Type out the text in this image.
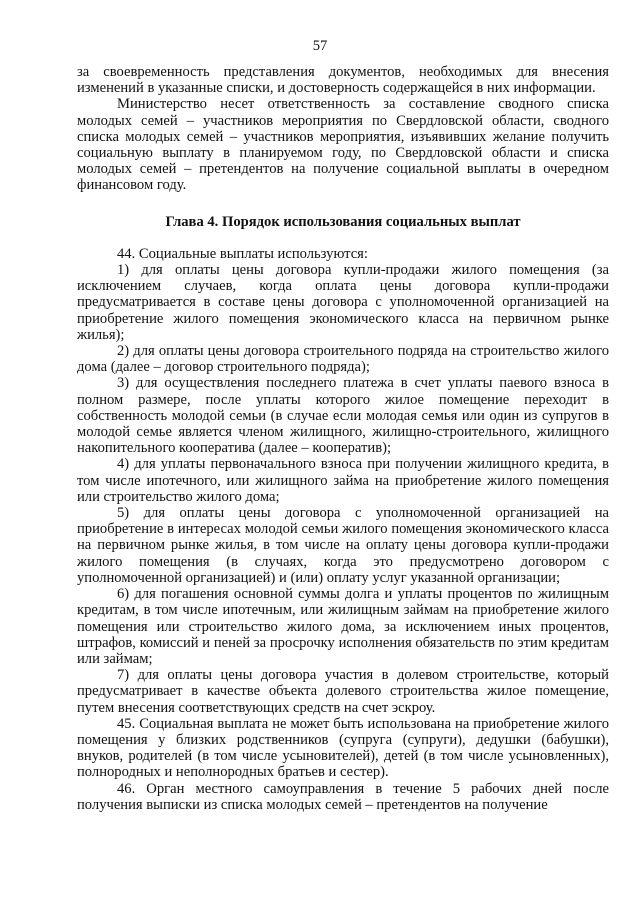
57

за своевременность представления документов, необходимых для внесения изменений в указанные списки, и достоверность содержащейся в них информации.

Министерство несет ответственность за составление сводного списка молодых семей – участников мероприятия по Свердловской области, сводного списка молодых семей – участников мероприятия, изъявивших желание получить социальную выплату в планируемом году, по Свердловской области и списка молодых семей – претендентов на получение социальной выплаты в очередном финансовом году.

Глава 4. Порядок использования социальных выплат

44. Социальные выплаты используются:

1) для оплаты цены договора купли-продажи жилого помещения (за исключением случаев, когда оплата цены договора купли-продажи предусматривается в составе цены договора с уполномоченной организацией на приобретение жилого помещения экономического класса на первичном рынке жилья);

2) для оплаты цены договора строительного подряда на строительство жилого дома (далее – договор строительного подряда);

3) для осуществления последнего платежа в счет уплаты паевого взноса в полном размере, после уплаты которого жилое помещение переходит в собственность молодой семьи (в случае если молодая семья или один из супругов в молодой семье является членом жилищного, жилищно-строительного, жилищного накопительного кооператива (далее – кооператив);

4) для уплаты первоначального взноса при получении жилищного кредита, в том числе ипотечного, или жилищного займа на приобретение жилого помещения или строительство жилого дома;

5) для оплаты цены договора с уполномоченной организацией на приобретение в интересах молодой семьи жилого помещения экономического класса на первичном рынке жилья, в том числе на оплату цены договора купли-продажи жилого помещения (в случаях, когда это предусмотрено договором с уполномоченной организацией) и (или) оплату услуг указанной организации;

6) для погашения основной суммы долга и уплаты процентов по жилищным кредитам, в том числе ипотечным, или жилищным займам на приобретение жилого помещения или строительство жилого дома, за исключением иных процентов, штрафов, комиссий и пеней за просрочку исполнения обязательств по этим кредитам или займам;

7) для оплаты цены договора участия в долевом строительстве, который предусматривает в качестве объекта долевого строительства жилое помещение, путем внесения соответствующих средств на счет эскроу.

45. Социальная выплата не может быть использована на приобретение жилого помещения у близких родственников (супруга (супруги), дедушки (бабушки), внуков, родителей (в том числе усыновителей), детей (в том числе усыновленных), полнородных и неполнородных братьев и сестер).

46. Орган местного самоуправления в течение 5 рабочих дней после получения выписки из списка молодых семей – претендентов на получение
